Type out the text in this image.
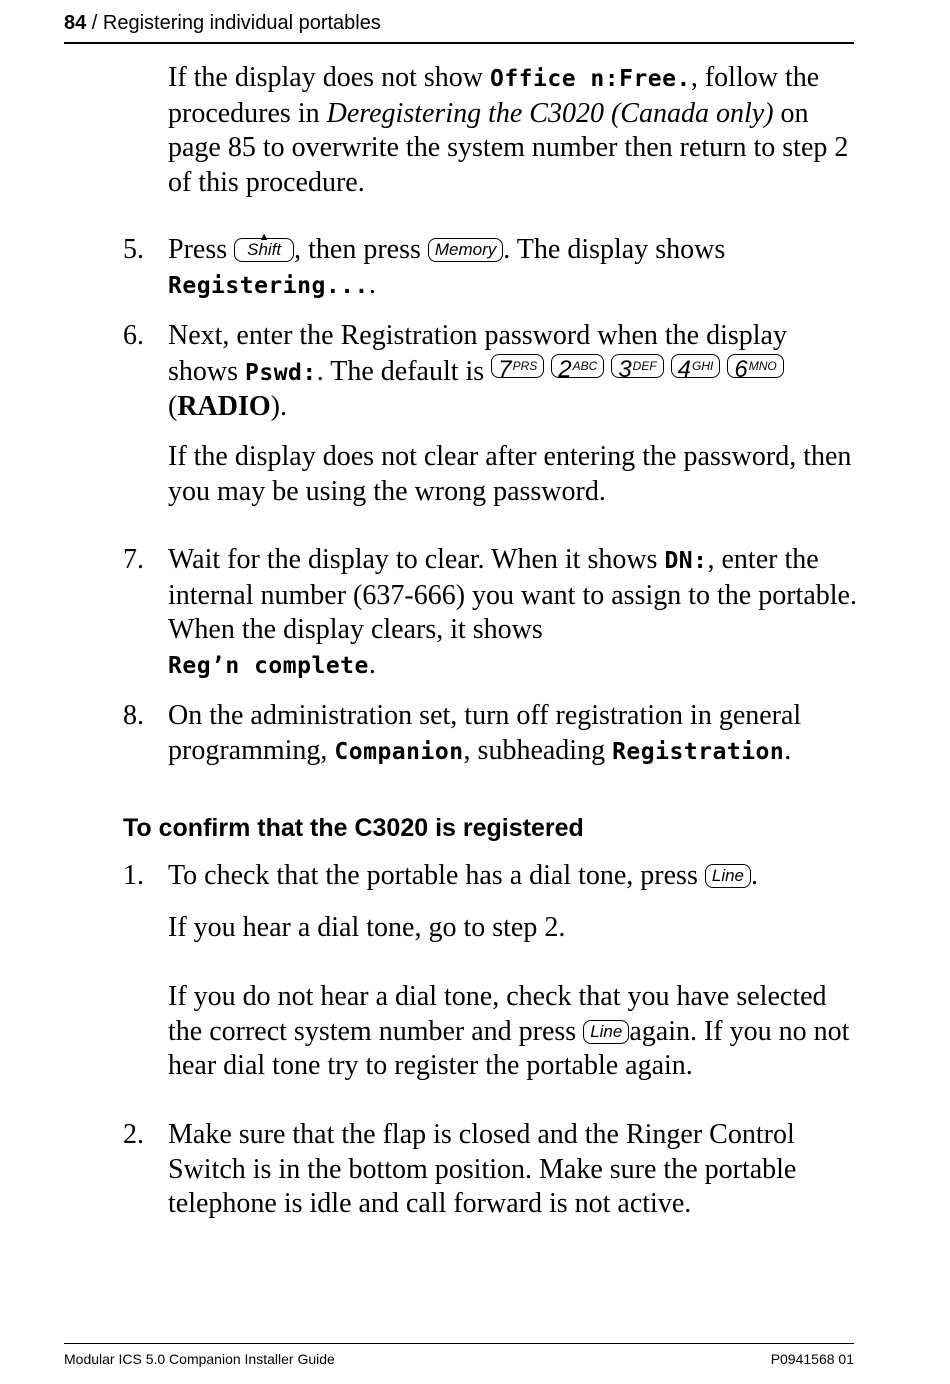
84 / Registering individual portables
If the display does not show Office n:Free., follow the procedures in Deregistering the C3020 (Canada only) on page 85 to overwrite the system number then return to step 2 of this procedure.
5. Press ▲
Shift , then press Memory . The display shows
Registering....
6. Next, enter the Registration password when the display shows Pswd:. The default is $7^{PRS}$ $2^{ABC}$ $3^{DEF}$ $4^{GHI}$ $6^{MNO}$ (RADIO).
If the display does not clear after entering the password, then you may be using the wrong password.
7. Wait for the display to clear. When it shows DN:, enter the internal number (637-666) you want to assign to the portable. When the display clears, it shows
Reg’n complete.
8. On the administration set, turn off registration in general programming, Companion, subheading Registration.
To confirm that the C3020 is registered
1. To check that the portable has a dial tone, press Line .
If you hear a dial tone, go to step 2.
If you do not hear a dial tone, check that you have selected the correct system number and press Line again. If you no not hear dial tone try to register the portable again.
2. Make sure that the flap is closed and the Ringer Control Switch is in the bottom position. Make sure the portable telephone is idle and call forward is not active.
Modular ICS 5.0 Companion Installer Guide	P0941568 01
